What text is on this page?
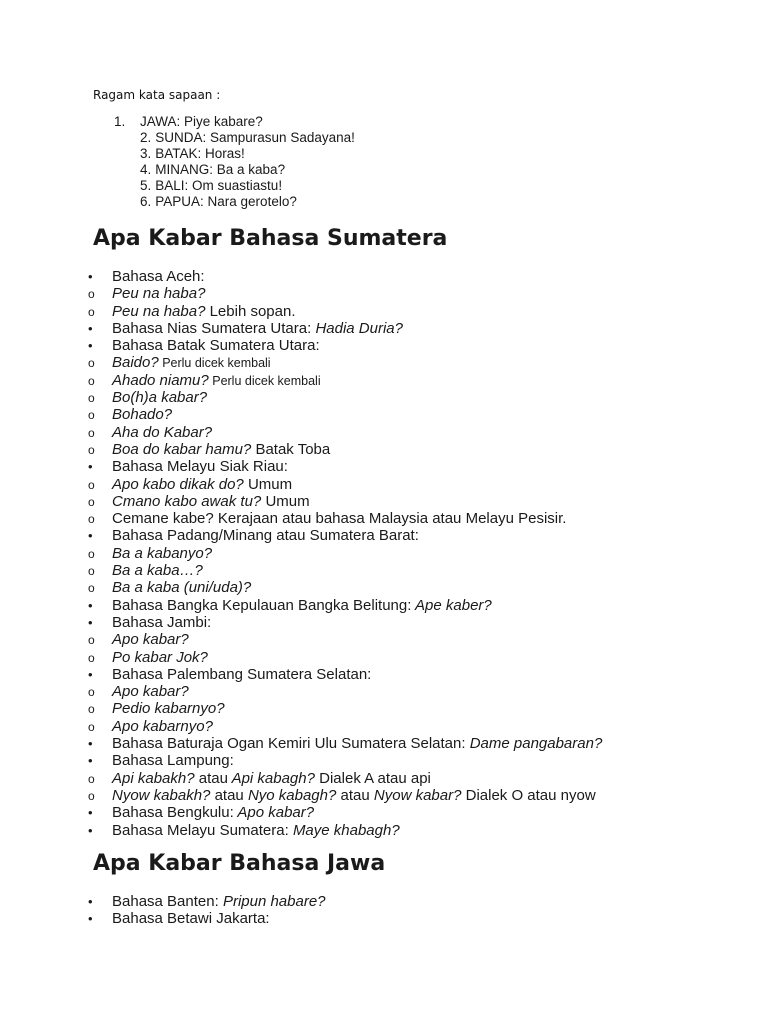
Ragam kata sapaan :
1.	JAWA: Piye kabare?
2. SUNDA: Sampurasun Sadayana!
3. BATAK: Horas!
4. MINANG: Ba a kaba?
5. BALI: Om suastiastu!
6. PAPUA: Nara gerotelo?
Apa Kabar Bahasa Sumatera
•	Bahasa Aceh:
o	Peu na haba?
o	Peu na haba? Lebih sopan.
•	Bahasa Nias Sumatera Utara: Hadia Duria?
•	Bahasa Batak Sumatera Utara:
o	Baido? Perlu dicek kembali
o	Ahado niamu? Perlu dicek kembali
o	Bo(h)a kabar?
o	Bohado?
o	Aha do Kabar?
o	Boa do kabar hamu? Batak Toba
•	Bahasa Melayu Siak Riau:
o	Apo kabo dikak do? Umum
o	Cmano kabo awak tu? Umum
o	Cemane kabe? Kerajaan atau bahasa Malaysia atau Melayu Pesisir.
•	Bahasa Padang/Minang atau Sumatera Barat:
o	Ba a kabanyo?
o	Ba a kaba…?
o	Ba a kaba (uni/uda)?
•	Bahasa Bangka Kepulauan Bangka Belitung: Ape kaber?
•	Bahasa Jambi:
o	Apo kabar?
o	Po kabar Jok?
•	Bahasa Palembang Sumatera Selatan:
o	Apo kabar?
o	Pedio kabarnyo?
o	Apo kabarnyo?
•	Bahasa Baturaja Ogan Kemiri Ulu Sumatera Selatan: Dame pangabaran?
•	Bahasa Lampung:
o	Api kabakh? atau Api kabagh? Dialek A atau api
o	Nyow kabakh? atau Nyo kabagh? atau Nyow kabar? Dialek O atau nyow
•	Bahasa Bengkulu: Apo kabar?
•	Bahasa Melayu Sumatera: Maye khabagh?
Apa Kabar Bahasa Jawa
•	Bahasa Banten: Pripun habare?
•	Bahasa Betawi Jakarta:
